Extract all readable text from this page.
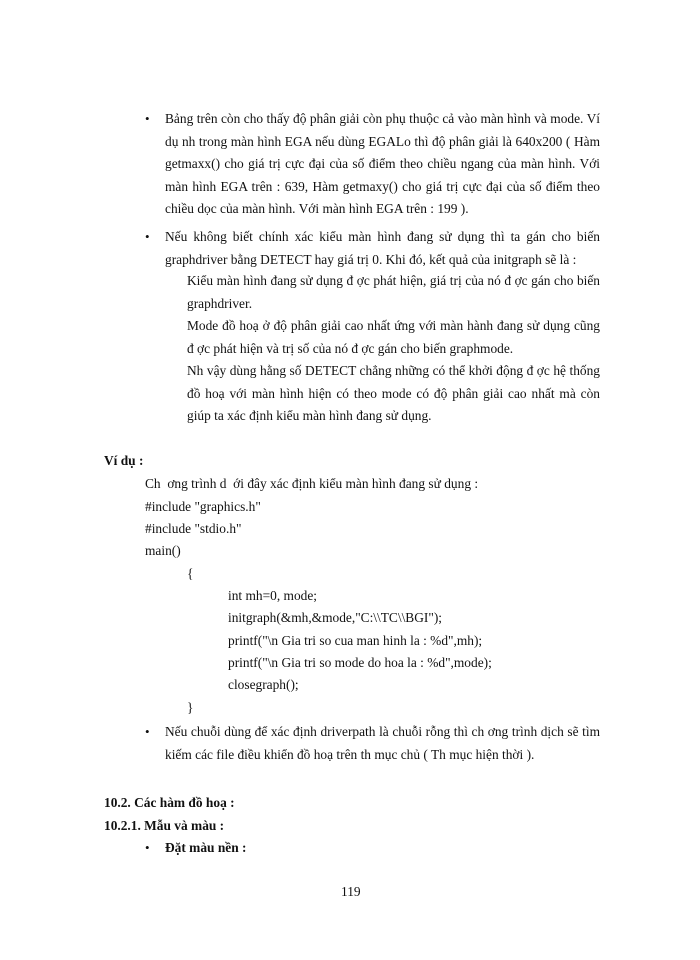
• Bảng trên còn cho thấy độ phân giải còn phụ thuộc cả vào màn hình và mode. Ví dụ nh trong màn hình EGA nếu dùng EGALo thì độ phân giải là 640x200 ( Hàm getmaxx() cho giá trị cực đại của số điểm theo chiều ngang của màn hình. Với màn hình EGA trên : 639, Hàm getmaxy() cho giá trị cực đại của số điểm theo chiều dọc của màn hình. Với màn hình EGA trên : 199 ).
• Nếu không biết chính xác kiểu màn hình đang sử dụng thì ta gán cho biến graphdriver bằng DETECT hay giá trị 0. Khi đó, kết quả của initgraph sẽ là :
Kiểu màn hình đang sử dụng đ ợc phát hiện, giá trị của nó đ ợc gán cho biến graphdriver.
Mode đồ hoạ ở độ phân giải cao nhất ứng với màn hành đang sử dụng cũng đ ợc phát hiện và trị số của nó đ ợc gán cho biến graphmode.
Nh vậy dùng hằng số DETECT chẳng những có thể khởi động đ ợc hệ thống đồ hoạ với màn hình hiện có theo mode có độ phân giải cao nhất mà còn giúp ta xác định kiểu màn hình đang sử dụng.
Ví dụ :
Ch  ơng trình d  ới đây xác định kiểu màn hình đang sử dụng :
#include "graphics.h"
#include "stdio.h"
main()
{
int mh=0, mode;
initgraph(&mh,&mode,"C:\\TC\\BGI");
printf("\n Gia tri so cua man hinh la : %d",mh);
printf("\n Gia tri so mode do hoa la : %d",mode);
closegraph();
}
• Nếu chuỗi dùng để xác định driverpath là chuỗi rỗng thì ch ơng trình dịch sẽ tìm kiếm các file điều khiển đồ hoạ trên th mục chủ ( Th mục hiện thời ).
10.2. Các hàm đồ hoạ :
10.2.1. Mẫu và màu :
• Đặt màu nền :
119
